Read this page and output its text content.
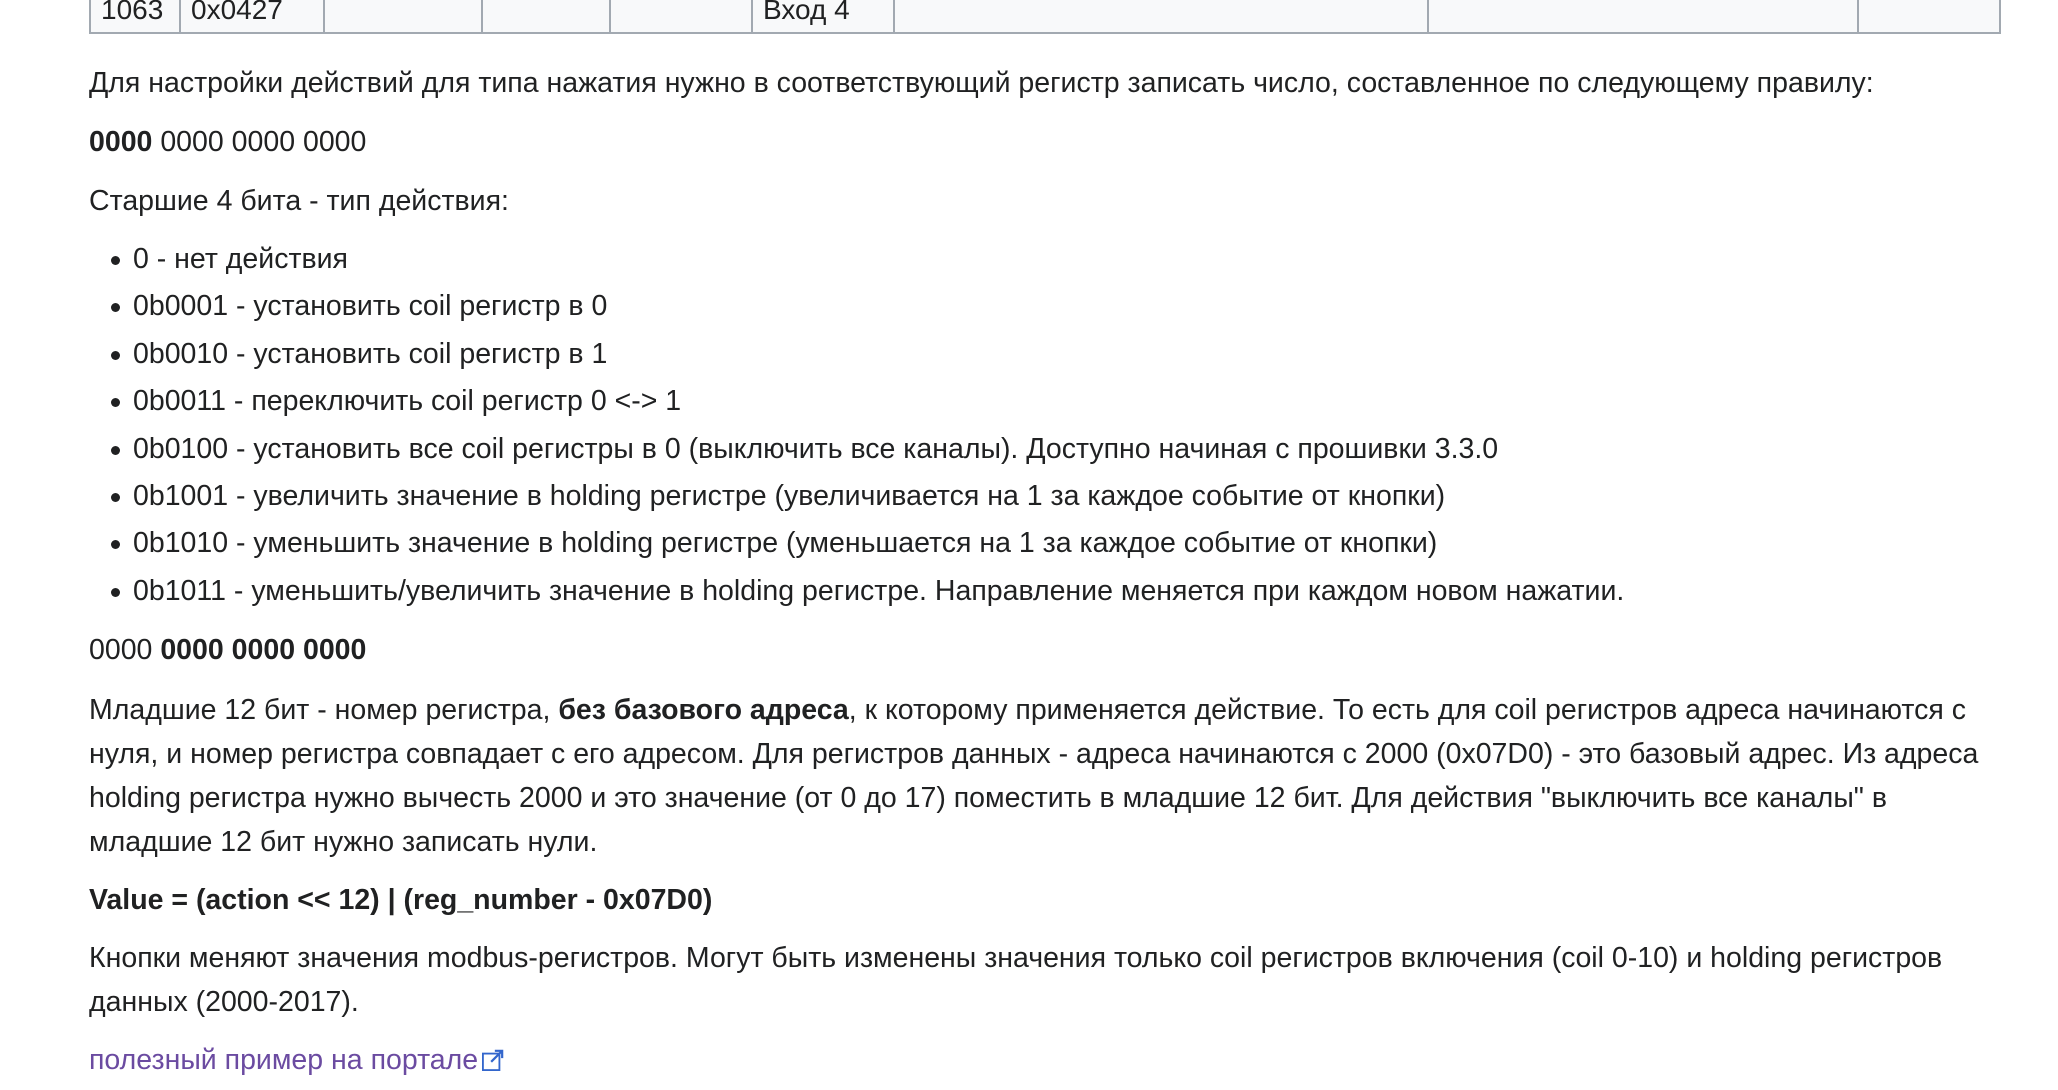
1063	0x0427				Вход 4			

Для настройки действий для типа нажатия нужно в соответствующий регистр записать число, составленное по следующему правилу:

0000 0000 0000 0000

Старшие 4 бита - тип действия:

0 - нет действия
0b0001 - установить coil регистр в 0
0b0010 - установить coil регистр в 1
0b0011 - переключить coil регистр 0 <-> 1
0b0100 - установить все coil регистры в 0 (выключить все каналы). Доступно начиная с прошивки 3.3.0
0b1001 - увеличить значение в holding регистре (увеличивается на 1 за каждое событие от кнопки)
0b1010 - уменьшить значение в holding регистре (уменьшается на 1 за каждое событие от кнопки)
0b1011 - уменьшить/увеличить значение в holding регистре. Направление меняется при каждом новом нажатии.

0000 0000 0000 0000

Младшие 12 бит - номер регистра, без базового адреса, к которому применяется действие. То есть для coil регистров адреса начинаются с

нуля, и номер регистра совпадает с его адресом. Для регистров данных - адреса начинаются с 2000 (0x07D0) - это базовый адрес. Из адреса

holding регистра нужно вычесть 2000 и это значение (от 0 до 17) поместить в младшие 12 бит. Для действия "выключить все каналы" в

младшие 12 бит нужно записать нули.

Value = (action << 12) | (reg_number - 0x07D0)

Кнопки меняют значения modbus-регистров. Могут быть изменены значения только coil регистров включения (coil 0-10) и holding регистров

данных (2000-2017).

полезный пример на портале
